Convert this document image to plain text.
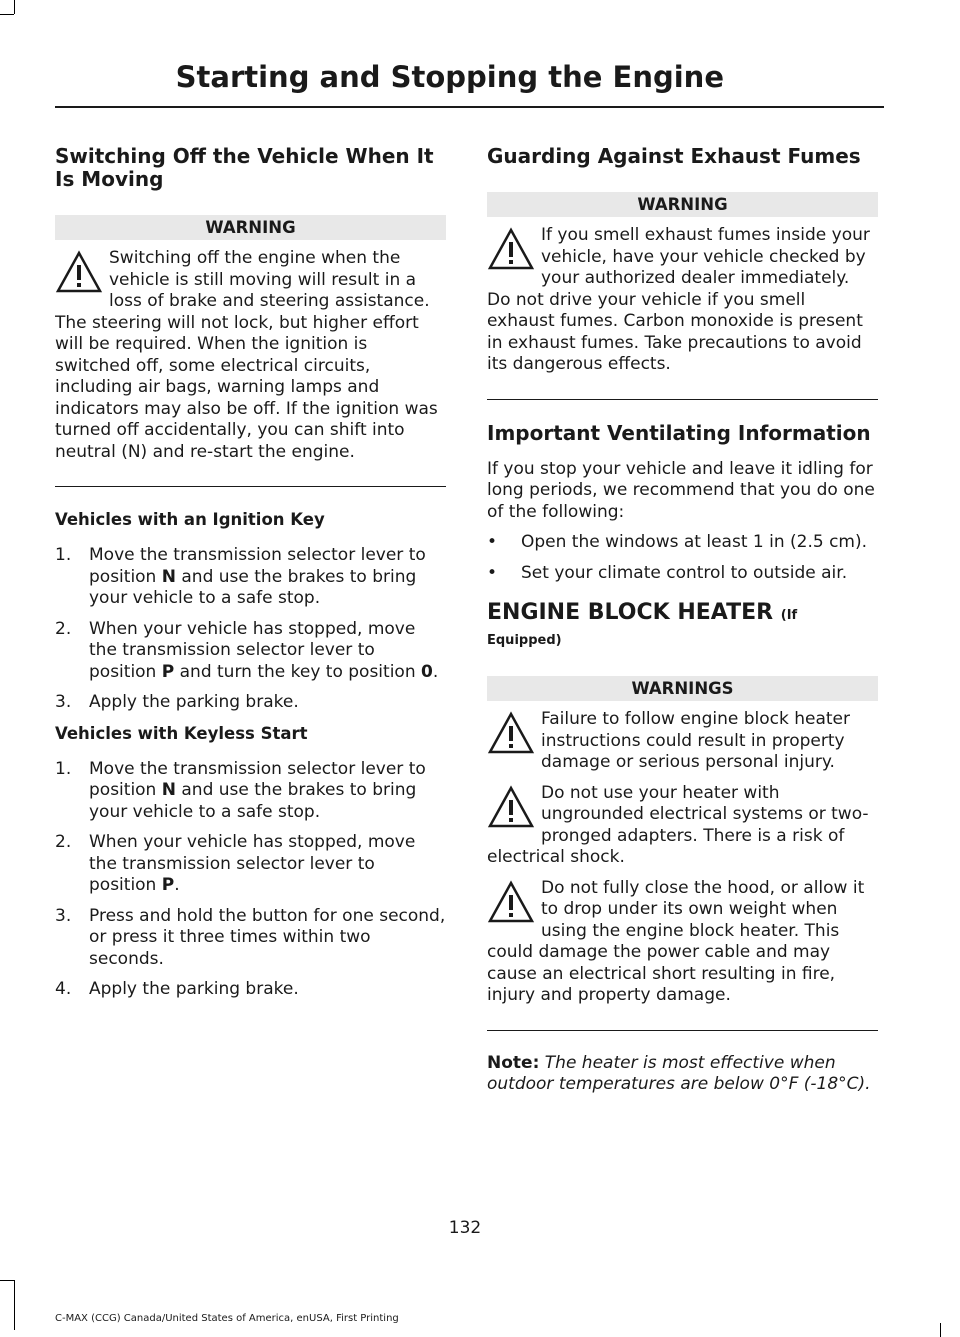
Starting and Stopping the Engine
Switching Off the Vehicle When It Is Moving
WARNING
Switching off the engine when the vehicle is still moving will result in a loss of brake and steering assistance. The steering will not lock, but higher effort will be required. When the ignition is switched off, some electrical circuits, including air bags, warning lamps and indicators may also be off. If the ignition was turned off accidentally, you can shift into neutral (N) and re-start the engine.
Vehicles with an Ignition Key
1. Move the transmission selector lever to position N and use the brakes to bring your vehicle to a safe stop.
2. When your vehicle has stopped, move the transmission selector lever to position P and turn the key to position 0.
3. Apply the parking brake.
Vehicles with Keyless Start
1. Move the transmission selector lever to position N and use the brakes to bring your vehicle to a safe stop.
2. When your vehicle has stopped, move the transmission selector lever to position P.
3. Press and hold the button for one second, or press it three times within two seconds.
4. Apply the parking brake.
Guarding Against Exhaust Fumes
WARNING
If you smell exhaust fumes inside your vehicle, have your vehicle checked by your authorized dealer immediately. Do not drive your vehicle if you smell exhaust fumes. Carbon monoxide is present in exhaust fumes. Take precautions to avoid its dangerous effects.
Important Ventilating Information

If you stop your vehicle and leave it idling for long periods, we recommend that you do one of the following:

• Open the windows at least 1 in (2.5 cm).
• Set your climate control to outside air.
ENGINE BLOCK HEATER (If
Equipped)
WARNINGS
Failure to follow engine block heater instructions could result in property damage or serious personal injury.
Do not use your heater with ungrounded electrical systems or two-pronged adapters. There is a risk of electrical shock.
Do not fully close the hood, or allow it to drop under its own weight when using the engine block heater. This could damage the power cable and may cause an electrical short resulting in fire, injury and property damage.

Note: The heater is most effective when outdoor temperatures are below 0°F (-18°C).

132
C-MAX (CCG) Canada/United States of America, enUSA, First Printing
